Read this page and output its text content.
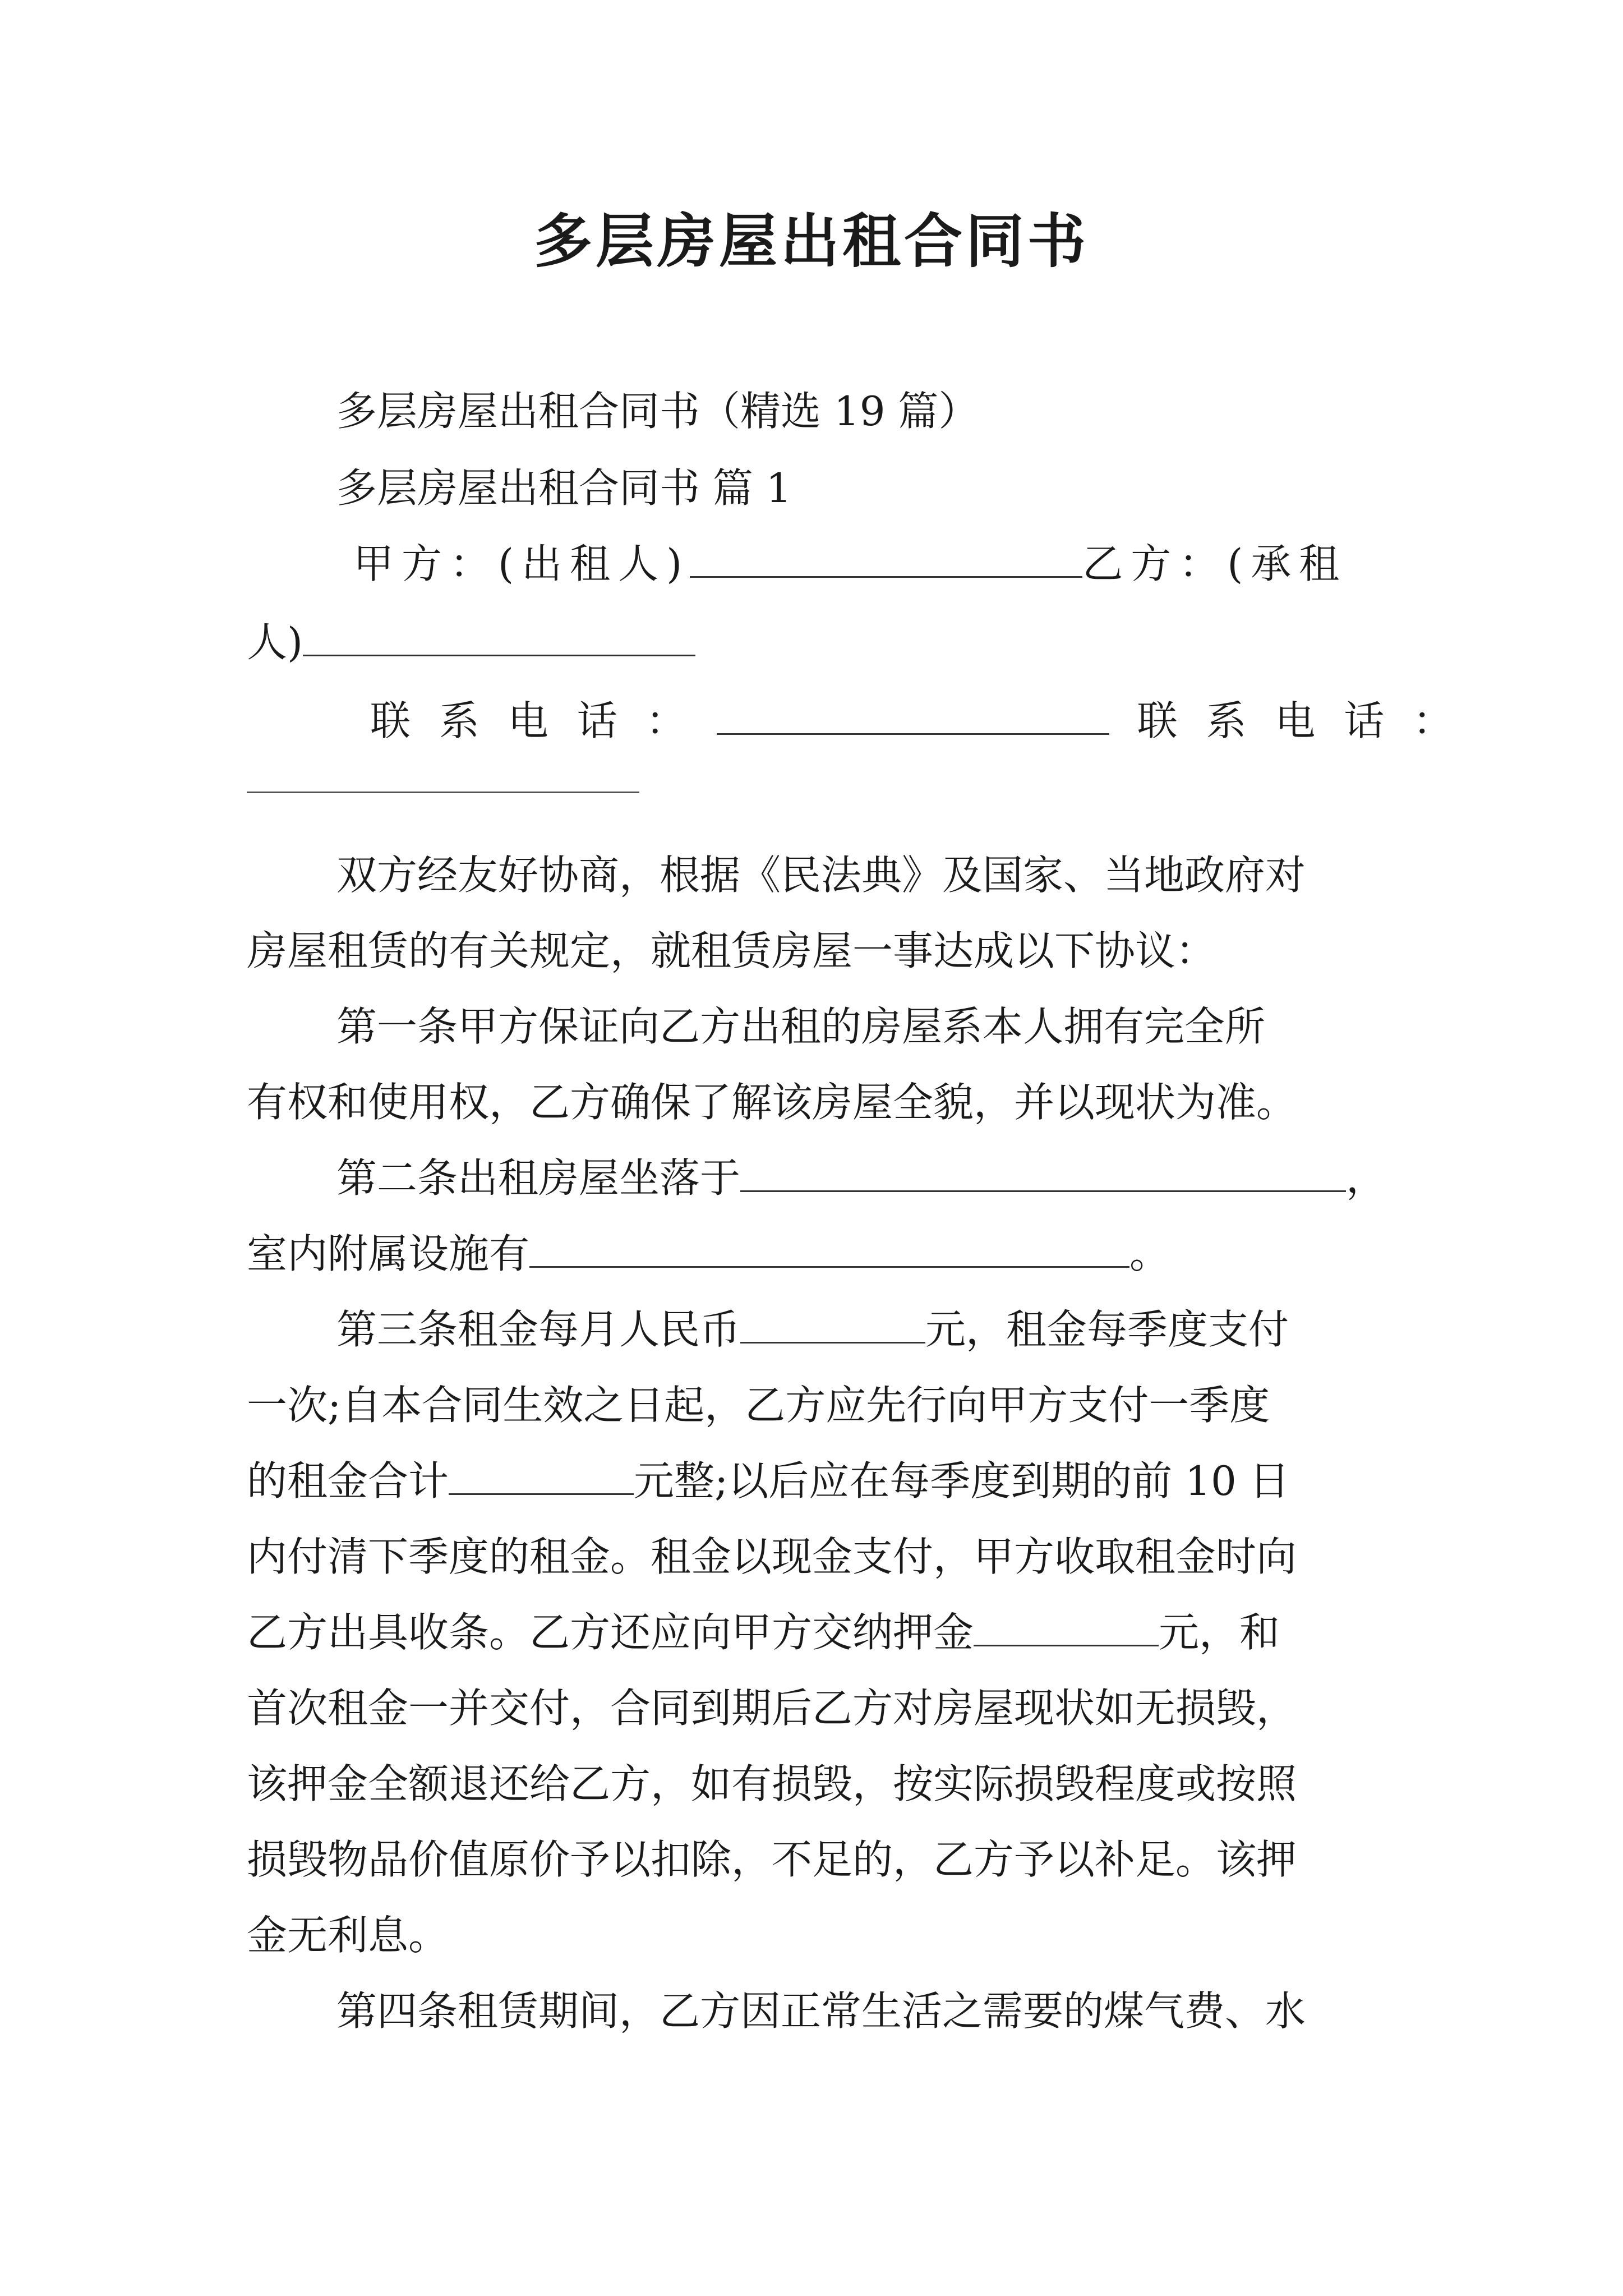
多层房屋出租合同书

多层房屋出租合同书（精选 19 篇）

多层房屋出租合同书 篇 1

甲方：(出租人)	乙方：(承租

人)

联 系 电 话 ：	联 系 电 话 ：

双方经友好协商，根据《民法典》及国家、当地政府对

房屋租赁的有关规定，就租赁房屋一事达成以下协议：

第一条甲方保证向乙方出租的房屋系本人拥有完全所

有权和使用权，乙方确保了解该房屋全貌，并以现状为准。

第二条出租房屋坐落于	，

室内附属设施有	。

第三条租金每月人民币	元，租金每季度支付

一次;自本合同生效之日起，乙方应先行向甲方支付一季度

的租金合计	元整;以后应在每季度到期的前 10 日

内付清下季度的租金。租金以现金支付，甲方收取租金时向

乙方出具收条。乙方还应向甲方交纳押金	元，和

首次租金一并交付，合同到期后乙方对房屋现状如无损毁，

该押金全额退还给乙方，如有损毁，按实际损毁程度或按照

损毁物品价值原价予以扣除，不足的，乙方予以补足。该押

金无利息。

第四条租赁期间，乙方因正常生活之需要的煤气费、水
